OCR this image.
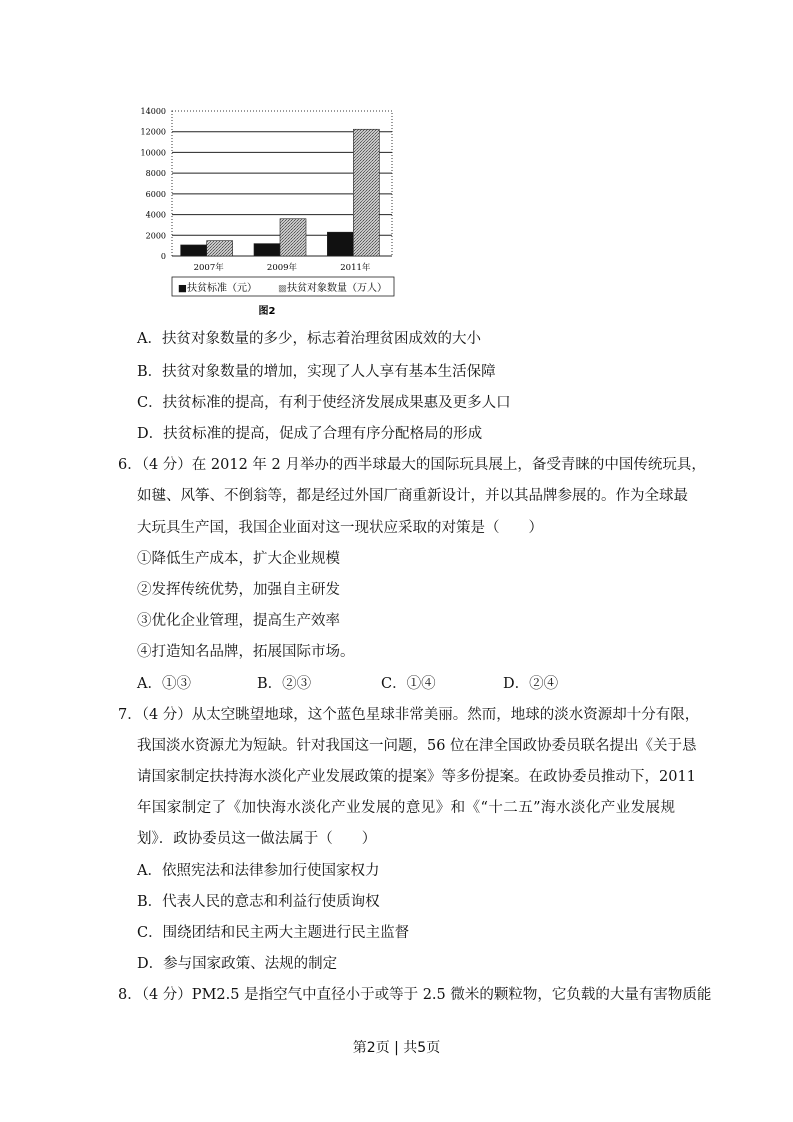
0
2000
4000
6000
8000
10000
12000
14000
2007年	2009年	2011年
■ 扶贫标准（元） ▩ 扶贫对象数量（万人）
图2
A．扶贫对象数量的多少，标志着治理贫困成效的大小
B．扶贫对象数量的增加，实现了人人享有基本生活保障
C．扶贫标准的提高，有利于使经济发展成果惠及更多人口
D．扶贫标准的提高，促成了合理有序分配格局的形成
6．（4 分）在 2012 年 2 月举办的西半球最大的国际玩具展上，备受青睐的中国传统玩具，
如毽、风筝、不倒翁等，都是经过外国厂商重新设计，并以其品牌参展的。作为全球最
大玩具生产国，我国企业面对这一现状应采取的对策是（　　）
①降低生产成本，扩大企业规模
②发挥传统优势，加强自主研发
③优化企业管理，提高生产效率
④打造知名品牌，拓展国际市场。
A．①③	B．②③	C．①④	D．②④
7．（4 分）从太空眺望地球，这个蓝色星球非常美丽。然而，地球的淡水资源却十分有限，
我国淡水资源尤为短缺。针对我国这一问题，56 位在津全国政协委员联名提出《关于恳
请国家制定扶持海水淡化产业发展政策的提案》等多份提案。在政协委员推动下，2011
年国家制定了《加快海水淡化产业发展的意见》和《“十二五”海水淡化产业发展规
划》．政协委员这一做法属于（　　）
A．依照宪法和法律参加行使国家权力
B．代表人民的意志和利益行使质询权
C．围绕团结和民主两大主题进行民主监督
D．参与国家政策、法规的制定
8．（4 分）PM2.5 是指空气中直径小于或等于 2.5 微米的颗粒物，它负载的大量有害物质能
第2页 | 共5页
